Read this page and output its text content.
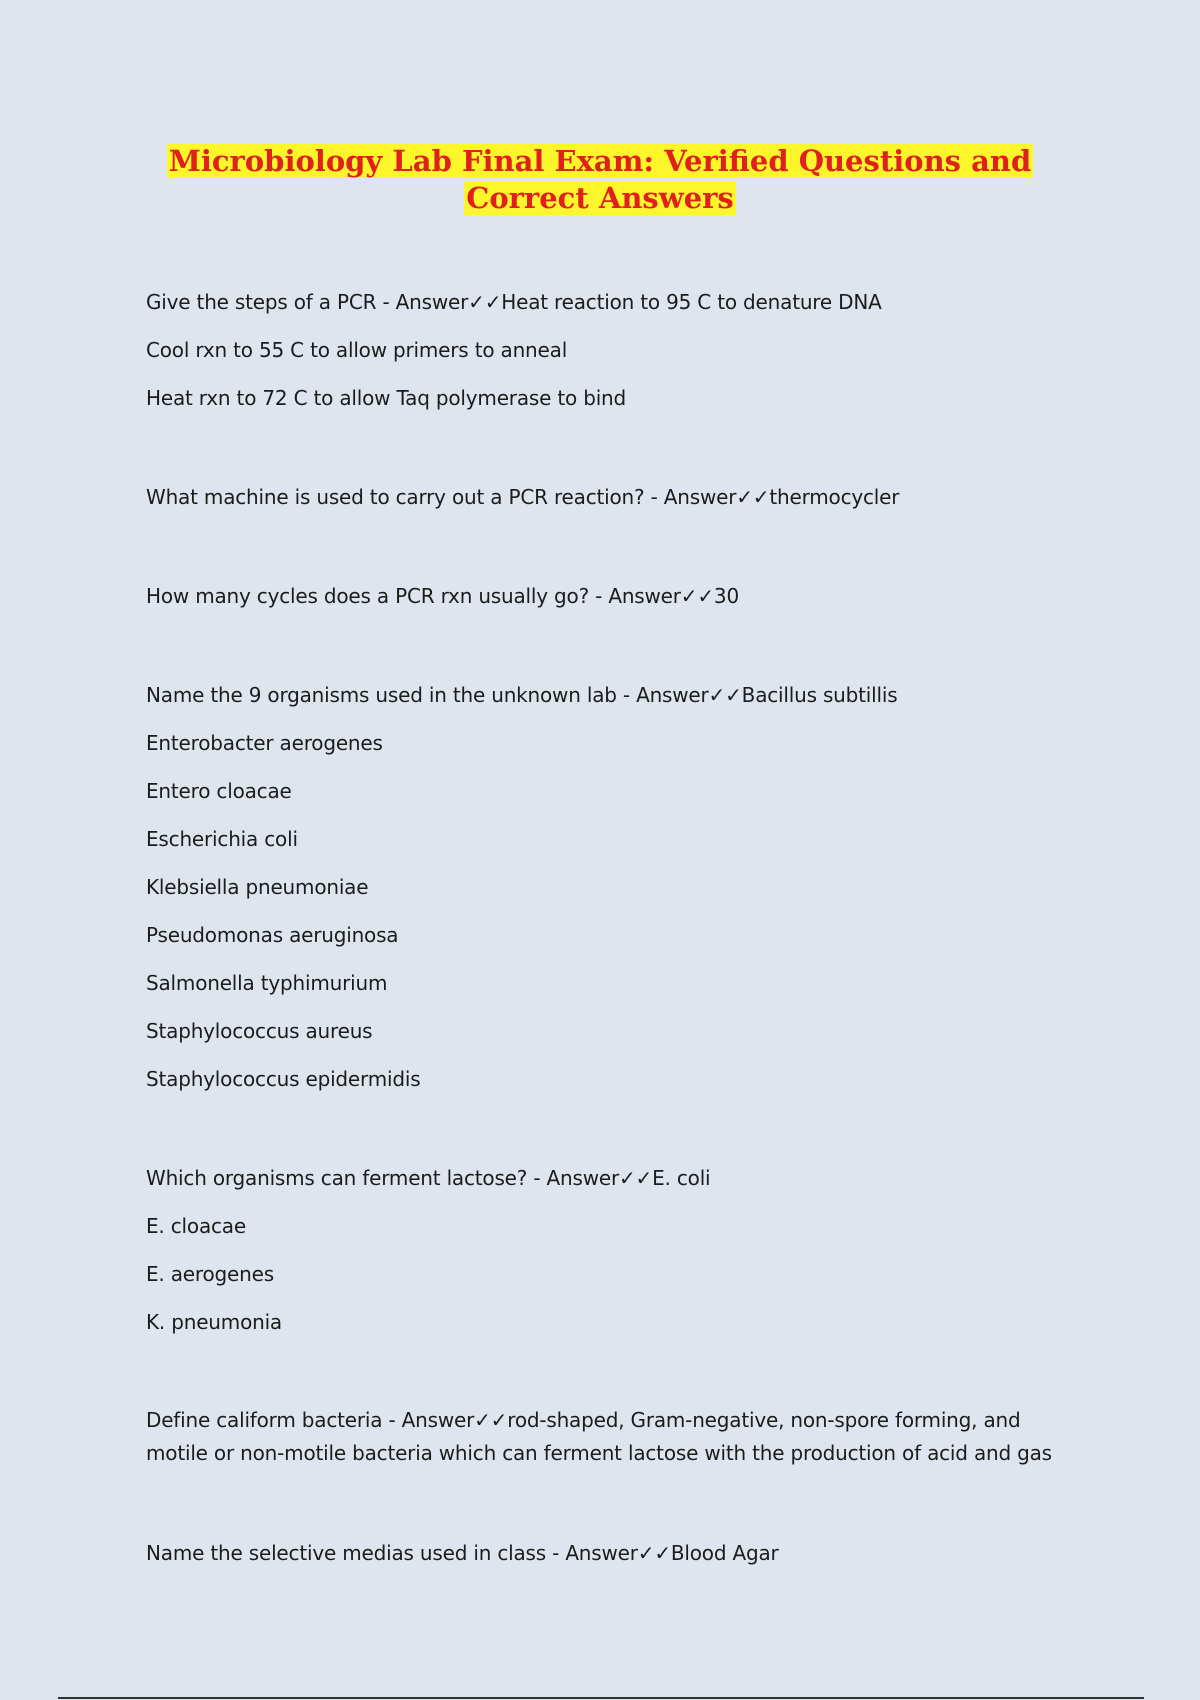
Microbiology Lab Final Exam: Verified Questions and
Correct Answers
Give the steps of a PCR - Answer✓✓Heat reaction to 95 C to denature DNA
Cool rxn to 55 C to allow primers to anneal
Heat rxn to 72 C to allow Taq polymerase to bind
What machine is used to carry out a PCR reaction? - Answer✓✓thermocycler
How many cycles does a PCR rxn usually go? - Answer✓✓30
Name the 9 organisms used in the unknown lab - Answer✓✓Bacillus subtillis
Enterobacter aerogenes
Entero cloacae
Escherichia coli
Klebsiella pneumoniae
Pseudomonas aeruginosa
Salmonella typhimurium
Staphylococcus aureus
Staphylococcus epidermidis
Which organisms can ferment lactose? - Answer✓✓E. coli
E. cloacae
E. aerogenes
K. pneumonia
Define caliform bacteria - Answer✓✓rod-shaped, Gram-negative, non-spore forming, and motile or non-motile bacteria which can ferment lactose with the production of acid and gas
Name the selective medias used in class - Answer✓✓Blood Agar
